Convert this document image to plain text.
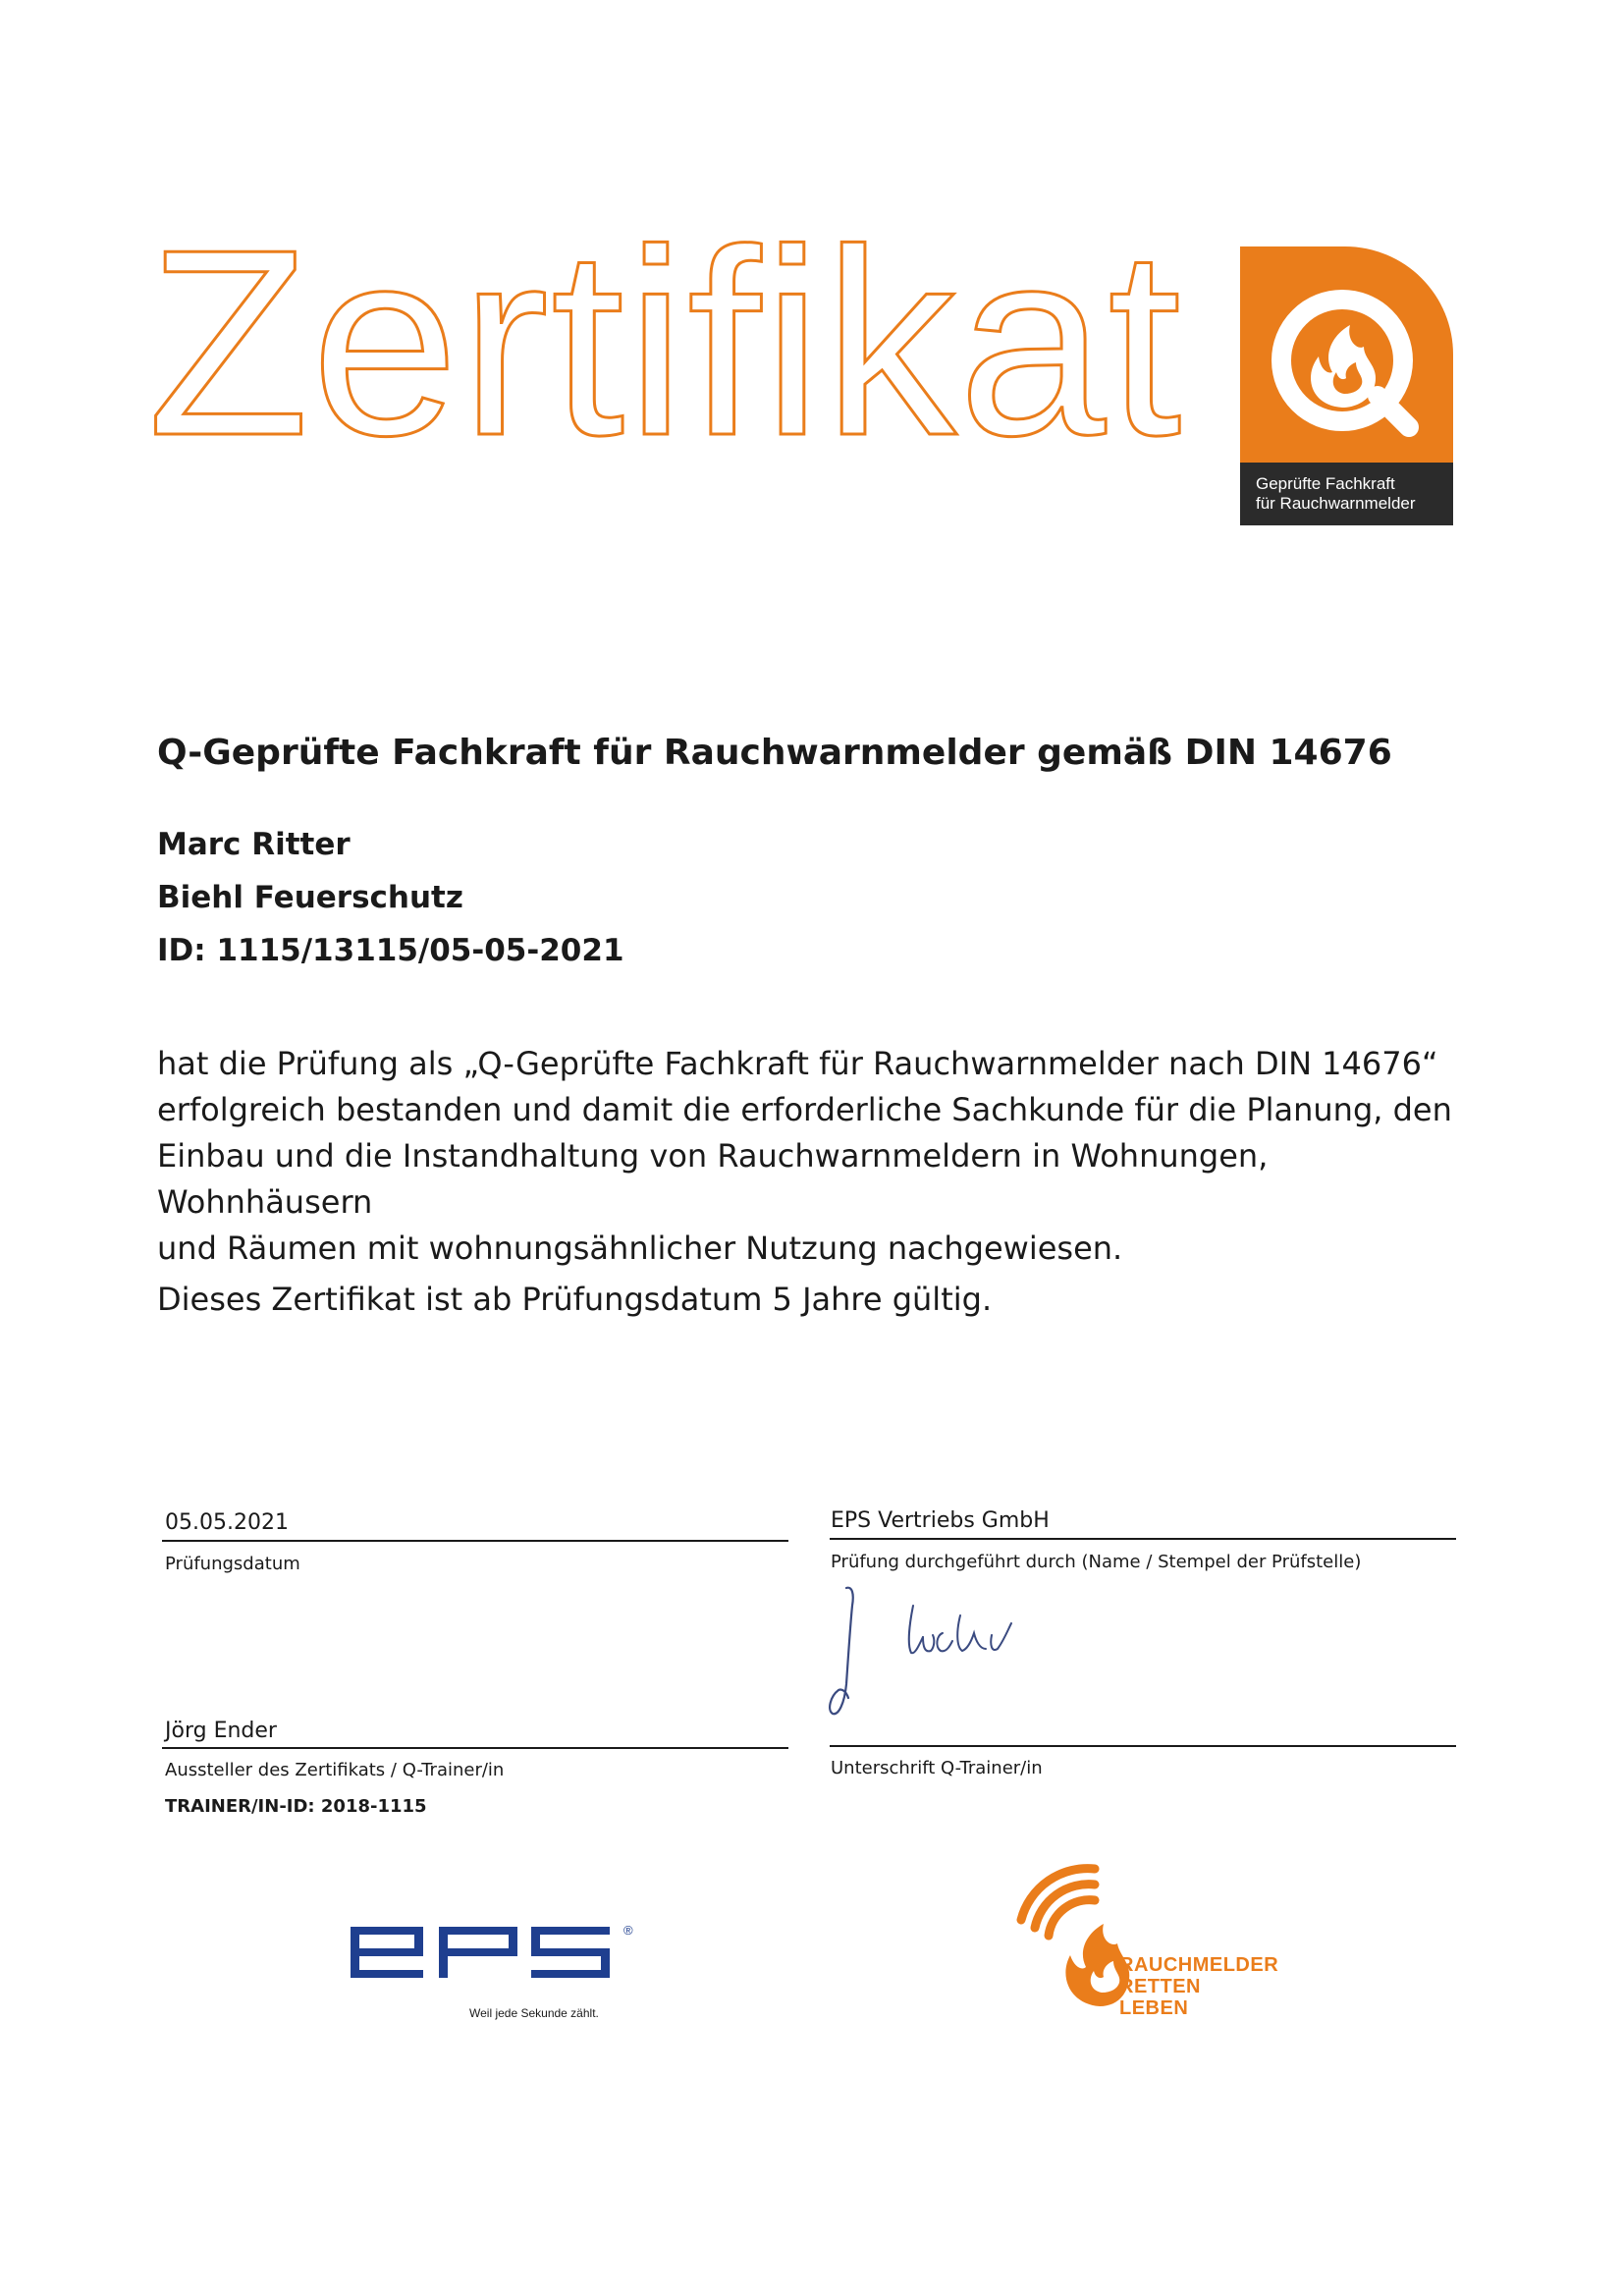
Zertifikat	Geprüfte Fachkraft
für Rauchwarnmelder
Q-Geprüfte Fachkraft für Rauchwarnmelder gemäß DIN 14676
Marc Ritter
Biehl Feuerschutz
ID: 1115/13115/05-05-2021
hat die Prüfung als „Q-Geprüfte Fachkraft für Rauchwarnmelder nach DIN 14676“
erfolgreich bestanden und damit die erforderliche Sachkunde für die Planung, den
Einbau und die Instandhaltung von Rauchwarnmeldern in Wohnungen, Wohnhäusern
und Räumen mit wohnungsähnlicher Nutzung nachgewiesen.
Dieses Zertifikat ist ab Prüfungsdatum 5 Jahre gültig.
05.05.2021
Prüfungsdatum
EPS Vertriebs GmbH
Prüfung durchgeführt durch (Name / Stempel der Prüfstelle)
Jörg Ender
Aussteller des Zertifikats / Q-Trainer/in
TRAINER/IN-ID: 2018-1115
Unterschrift Q-Trainer/in
®
Weil jede Sekunde zählt.
RAUCHMELDER
RETTEN
LEBEN
